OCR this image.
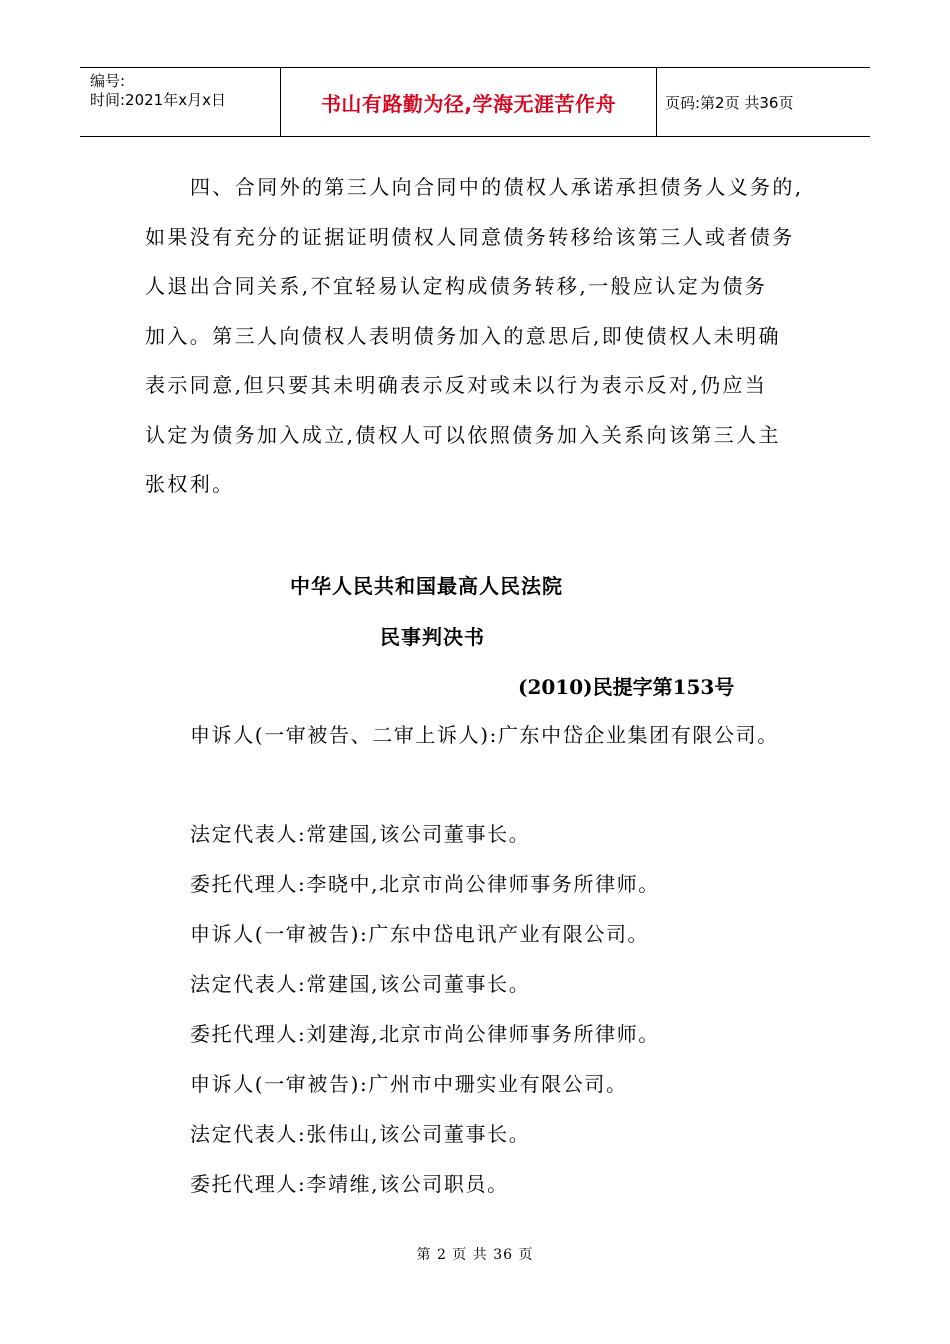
编号:
时间:2021年x月x日	书山有路勤为径,学海无涯苦作舟	页码:第2页 共36页
四、合同外的第三人向合同中的债权人承诺承担债务人义务的,
如果没有充分的证据证明债权人同意债务转移给该第三人或者债务
人退出合同关系,不宜轻易认定构成债务转移,一般应认定为债务
加入。第三人向债权人表明债务加入的意思后,即使债权人未明确
表示同意,但只要其未明确表示反对或未以行为表示反对,仍应当
认定为债务加入成立,债权人可以依照债务加入关系向该第三人主
张权利。
中华人民共和国最高人民法院
民事判决书
(2010)民提字第153号
申诉人(一审被告、二审上诉人):广东中岱企业集团有限公司。
法定代表人:常建国,该公司董事长。
委托代理人:李晓中,北京市尚公律师事务所律师。
申诉人(一审被告):广东中岱电讯产业有限公司。
法定代表人:常建国,该公司董事长。
委托代理人:刘建海,北京市尚公律师事务所律师。
申诉人(一审被告):广州市中珊实业有限公司。
法定代表人:张伟山,该公司董事长。
委托代理人:李靖维,该公司职员。
第 2 页 共 36 页
